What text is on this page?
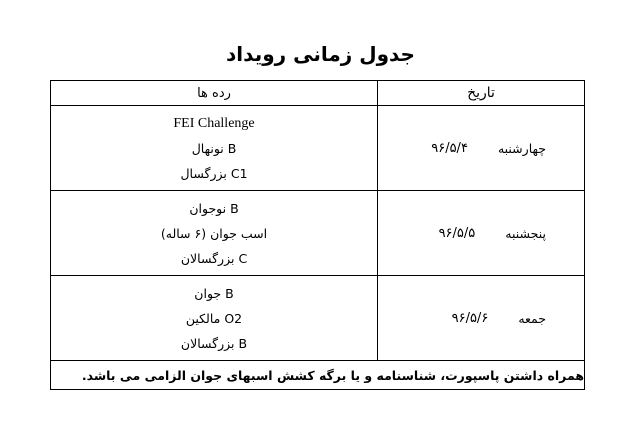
جدول زمانی رویداد
تاریخ	رده ها

چهارشنبه
۹۶/۵/۴	FEI Challenge
B نونهال
C1 بزرگسال

پنجشنبه
۹۶/۵/۵	B نوجوان
اسب جوان (۶ ساله)
C بزرگسالان

جمعه
۹۶/۵/۶	B جوان
O2 مالکین
B بزرگسالان

همراه داشتن پاسپورت، شناسنامه و یا برگه کشش اسبهای جوان الزامی می باشد.	
